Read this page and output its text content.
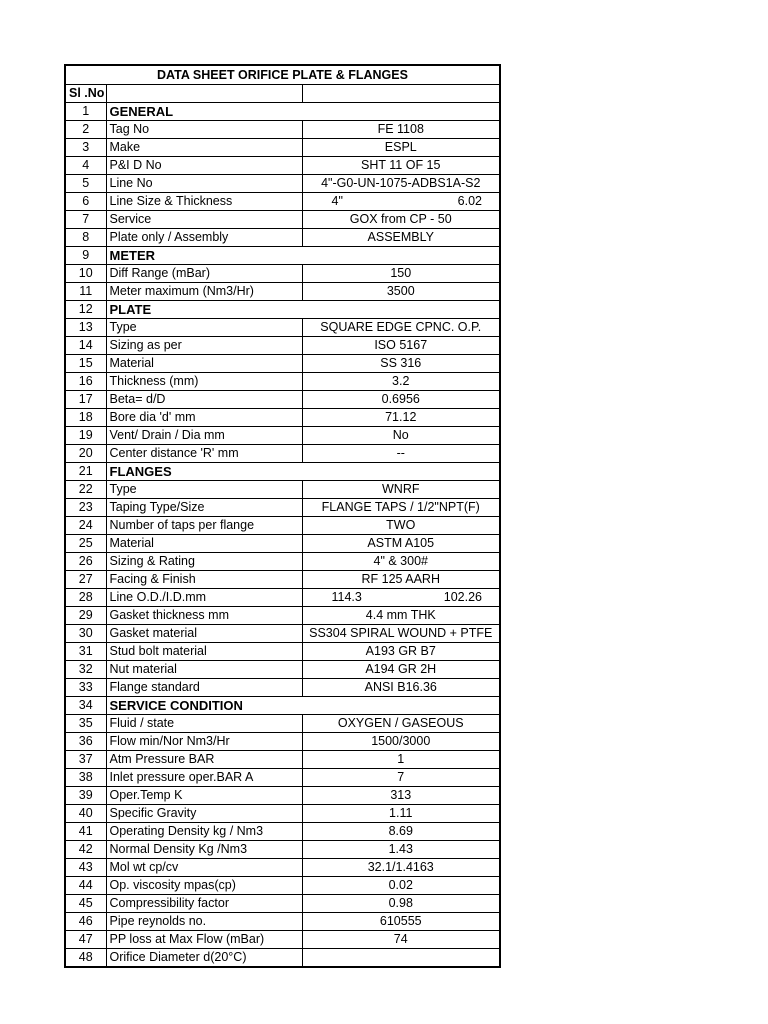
DATA SHEET ORIFICE PLATE & FLANGES		
Sl .No		
1	GENERAL	
2	Tag No	FE 1108
3	Make	ESPL
4	P&I D No	SHT 11 OF 15
5	Line No	4"-G0-UN-1075-ADBS1A-S2
6	Line Size & Thickness	4" 6.02

7	Service	GOX from CP - 50
8	Plate only / Assembly	ASSEMBLY
9	METER	
10	Diff Range (mBar)	150
11	Meter maximum (Nm3/Hr)	3500
12	PLATE	
13	Type	SQUARE EDGE CPNC. O.P.
14	Sizing as per	ISO 5167
15	Material	SS 316
16	Thickness (mm)	3.2
17	Beta= d/D	0.6956
18	Bore dia 'd' mm	71.12
19	Vent/ Drain / Dia mm	No
20	Center distance 'R' mm	--
21	FLANGES	
22	Type	WNRF
23	Taping Type/Size	FLANGE TAPS / 1/2"NPT(F)
24	Number of taps per flange	TWO
25	Material	ASTM A105
26	Sizing & Rating	4" & 300#
27	Facing & Finish	RF 125 AARH
28	Line O.D./I.D.mm	114.3 102.26

29	Gasket thickness mm	4.4 mm THK
30	Gasket material	SS304 SPIRAL WOUND + PTFE
31	Stud bolt material	A193 GR B7
32	Nut material	A194 GR 2H
33	Flange standard	ANSI B16.36
34	SERVICE CONDITION	
35	Fluid / state	OXYGEN / GASEOUS
36	Flow min/Nor Nm3/Hr	1500/3000
37	Atm Pressure BAR	1
38	Inlet pressure oper.BAR A	7
39	Oper.Temp K	313
40	Specific Gravity	1.11
41	Operating Density kg / Nm3	8.69
42	Normal Density Kg /Nm3	1.43
43	Mol wt cp/cv	32.1/1.4163
44	Op. viscosity mpas(cp)	0.02
45	Compressibility factor	0.98
46	Pipe reynolds no.	610555
47	PP loss at Max Flow (mBar)	74
48	Orifice Diameter d(20°C)	
